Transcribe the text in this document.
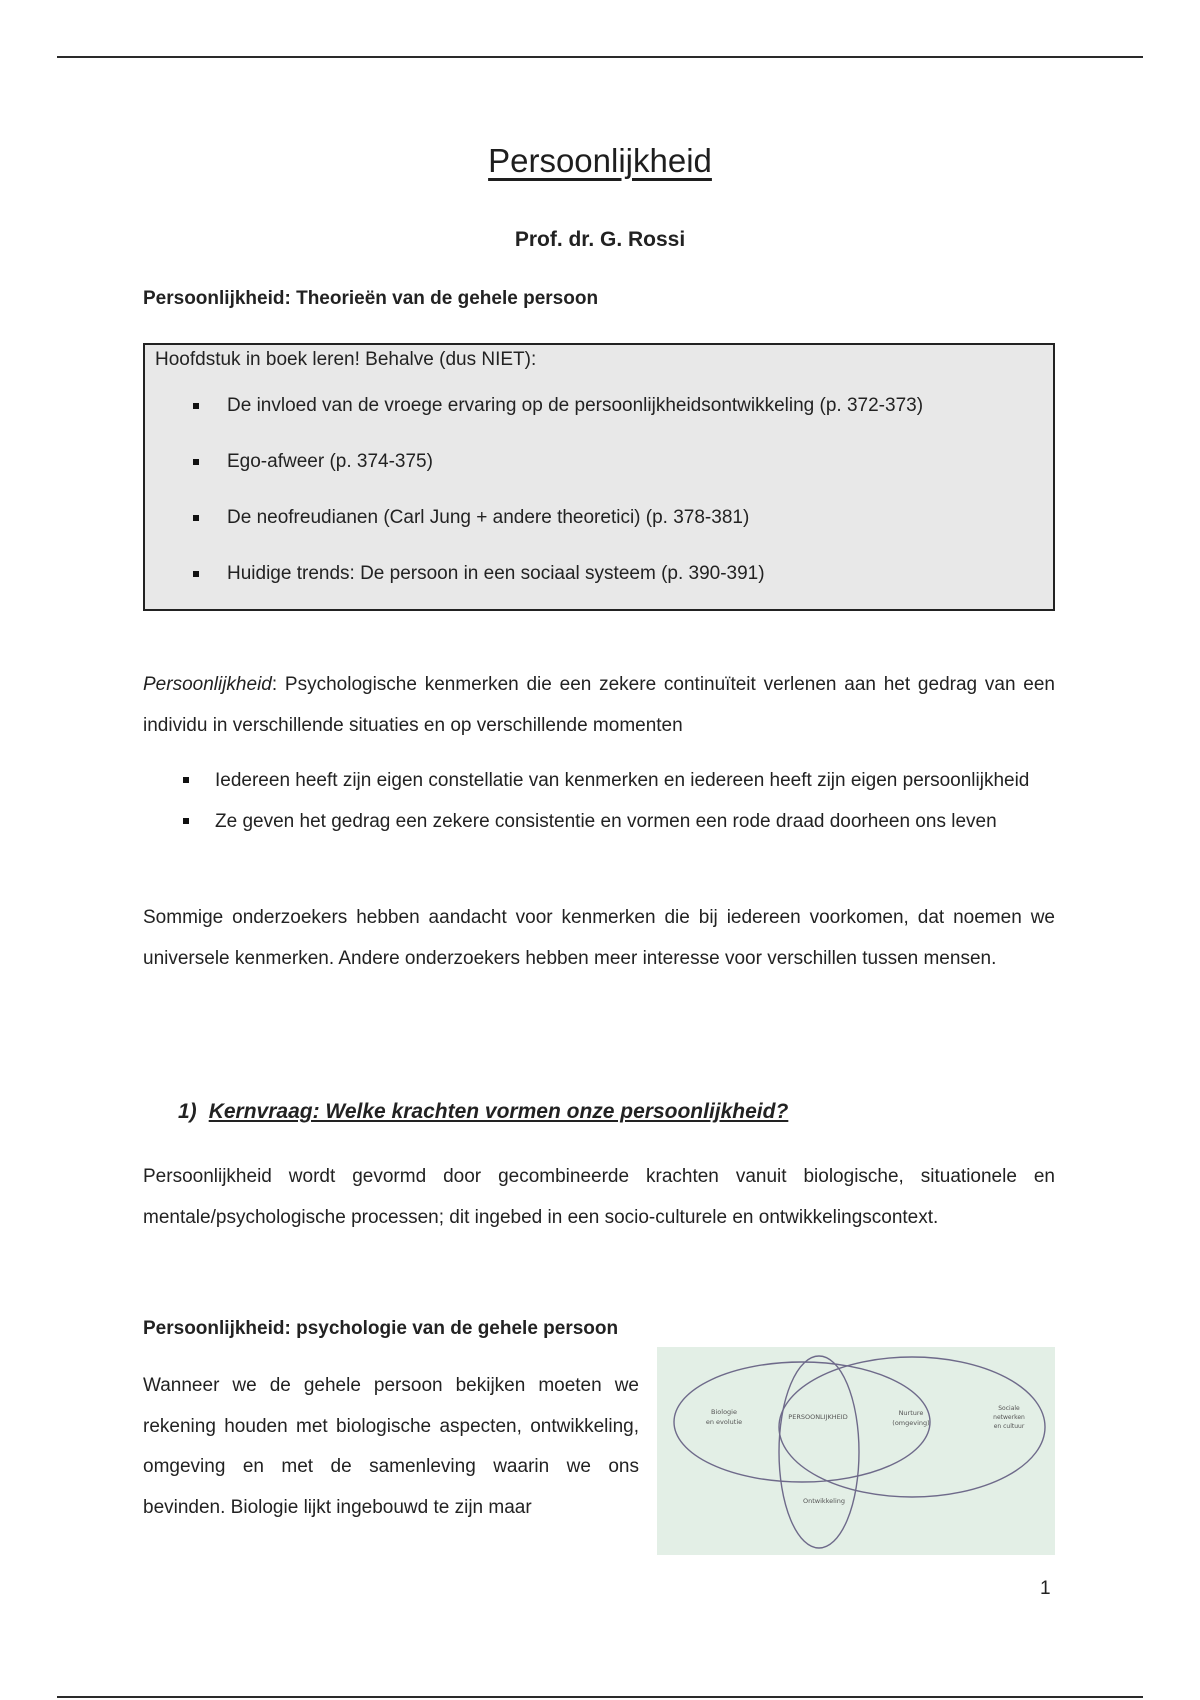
Persoonlijkheid
Prof. dr. G. Rossi
Persoonlijkheid: Theorieën van de gehele persoon
Hoofdstuk in boek leren! Behalve (dus NIET):
De invloed van de vroege ervaring op de persoonlijkheidsontwikkeling (p. 372-373)
Ego-afweer (p. 374-375)
De neofreudianen (Carl Jung + andere theoretici) (p. 378-381)
Huidige trends: De persoon in een sociaal systeem (p. 390-391)
Persoonlijkheid: Psychologische kenmerken die een zekere continuïteit verlenen aan het gedrag van een individu in verschillende situaties en op verschillende momenten
Iedereen heeft zijn eigen constellatie van kenmerken en iedereen heeft zijn eigen persoonlijkheid
Ze geven het gedrag een zekere consistentie en vormen een rode draad doorheen ons leven
Sommige onderzoekers hebben aandacht voor kenmerken die bij iedereen voorkomen, dat noemen we universele kenmerken. Andere onderzoekers hebben meer interesse voor verschillen tussen mensen.
1) Kernvraag: Welke krachten vormen onze persoonlijkheid?
Persoonlijkheid wordt gevormd door gecombineerde krachten vanuit biologische, situationele en mentale/psychologische processen; dit ingebed in een socio-culturele en ontwikkelingscontext.
Persoonlijkheid: psychologie van de gehele persoon
Wanneer we de gehele persoon bekijken moeten we rekening houden met biologische aspecten, ontwikkeling, omgeving en met de samenleving waarin we ons bevinden. Biologie lijkt ingebouwd te zijn maar
Biologie
en evolutie
PERSOONLIJKHEID	Nurture
(omgeving)
Sociale
netwerken
en cultuur
Ontwikkeling
1
